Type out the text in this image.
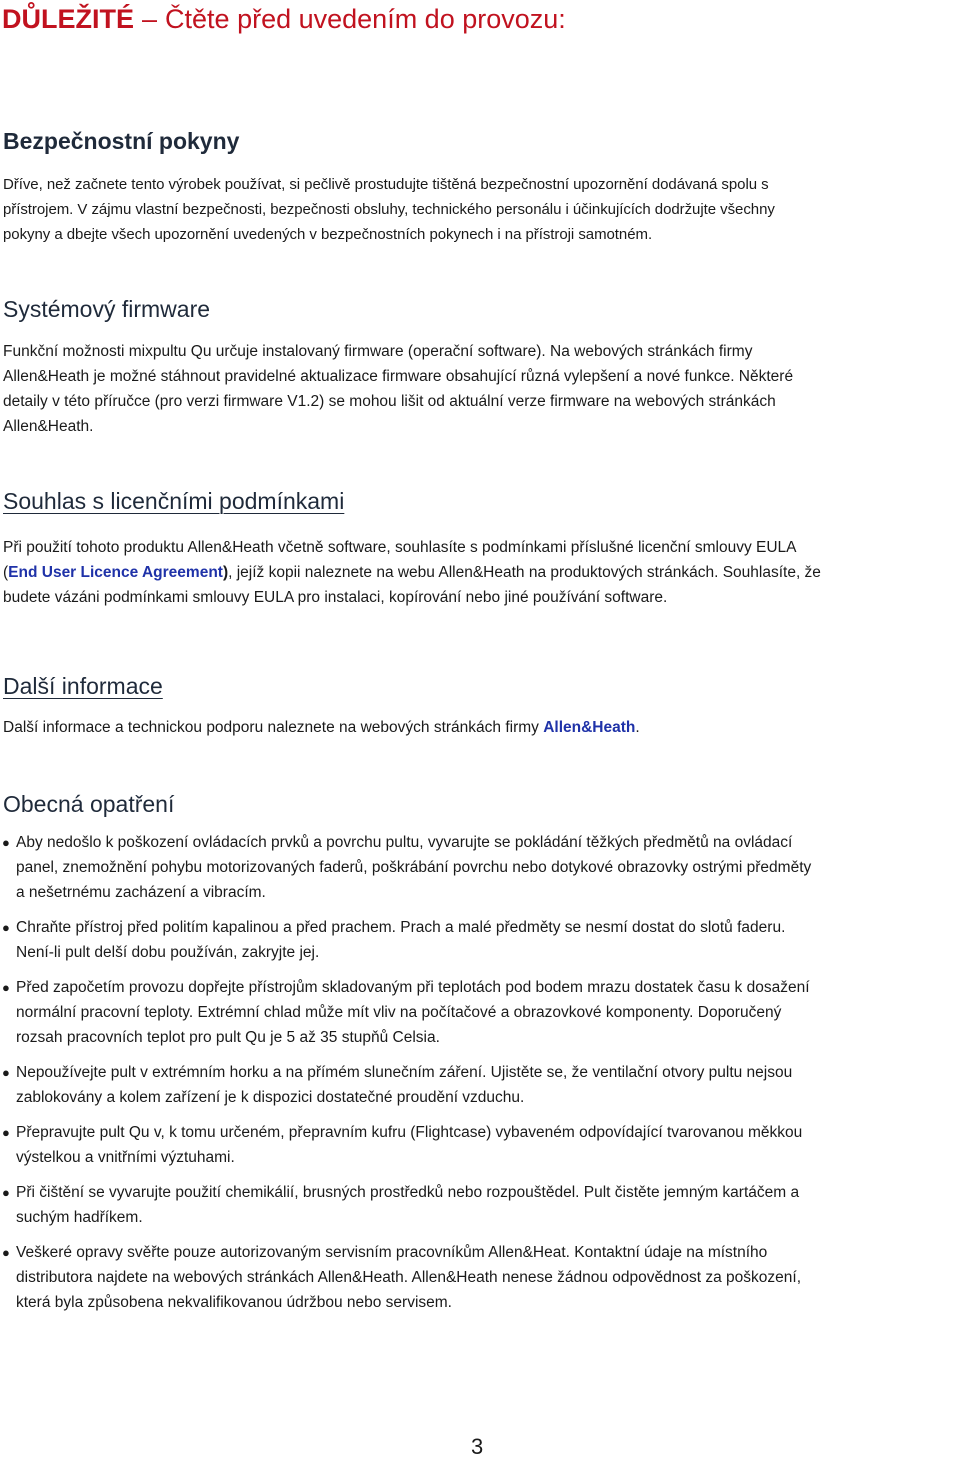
DŮLEŽITÉ – Čtěte před uvedením do provozu:
Bezpečnostní pokyny
Dříve, než začnete tento výrobek používat, si pečlivě prostudujte tištěná bezpečnostní upozornění dodávaná spolu s
přístrojem. V zájmu vlastní bezpečnosti, bezpečnosti obsluhy, technického personálu i účinkujících dodržujte všechny
pokyny a dbejte všech upozornění uvedených v bezpečnostních pokynech i na přístroji samotném.
Systémový firmware
Funkční možnosti mixpultu Qu určuje instalovaný firmware (operační software). Na webových stránkách firmy
Allen&Heath je možné stáhnout pravidelné aktualizace firmware obsahující různá vylepšení a nové funkce. Některé
detaily v této příručce (pro verzi firmware V1.2) se mohou lišit od aktuální verze firmware na webových stránkách
Allen&Heath.
Souhlas s licenčními podmínkami
Při použití tohoto produktu Allen&Heath včetně software, souhlasíte s podmínkami příslušné licenční smlouvy EULA
(End User Licence Agreement), jejíž kopii naleznete na webu Allen&Heath na produktových stránkách. Souhlasíte, že
budete vázáni podmínkami smlouvy EULA pro instalaci, kopírování nebo jiné používání software.
Další informace
Další informace a technickou podporu naleznete na webových stránkách firmy Allen&Heath.
Obecná opatření
● Aby nedošlo k poškození ovládacích prvků a povrchu pultu, vyvarujte se pokládání těžkých předmětů na ovládací
panel, znemožnění pohybu motorizovaných faderů, poškrábání povrchu nebo dotykové obrazovky ostrými předměty
a nešetrnému zacházení a vibracím.
● Chraňte přístroj před politím kapalinou a před prachem. Prach a malé předměty se nesmí dostat do slotů faderu.
Není-li pult delší dobu používán, zakryjte jej.
● Před započetím provozu dopřejte přístrojům skladovaným při teplotách pod bodem mrazu dostatek času k dosažení
normální pracovní teploty. Extrémní chlad může mít vliv na počítačové a obrazovkové komponenty. Doporučený
rozsah pracovních teplot pro pult Qu je 5 až 35 stupňů Celsia.
● Nepoužívejte pult v extrémním horku a na přímém slunečním záření. Ujistěte se, že ventilační otvory pultu nejsou
zablokovány a kolem zařízení je k dispozici dostatečné proudění vzduchu.
● Přepravujte pult Qu v, k tomu určeném, přepravním kufru (Flightcase) vybaveném odpovídající tvarovanou měkkou
výstelkou a vnitřními výztuhami.
● Při čištění se vyvarujte použití chemikálií, brusných prostředků nebo rozpouštědel. Pult čistěte jemným kartáčem a
suchým hadříkem.
● Veškeré opravy svěřte pouze autorizovaným servisním pracovníkům Allen&Heat. Kontaktní údaje na místního
distributora najdete na webových stránkách Allen&Heath. Allen&Heath nenese žádnou odpovědnost za poškození,
která byla způsobena nekvalifikovanou údržbou nebo servisem.
3
